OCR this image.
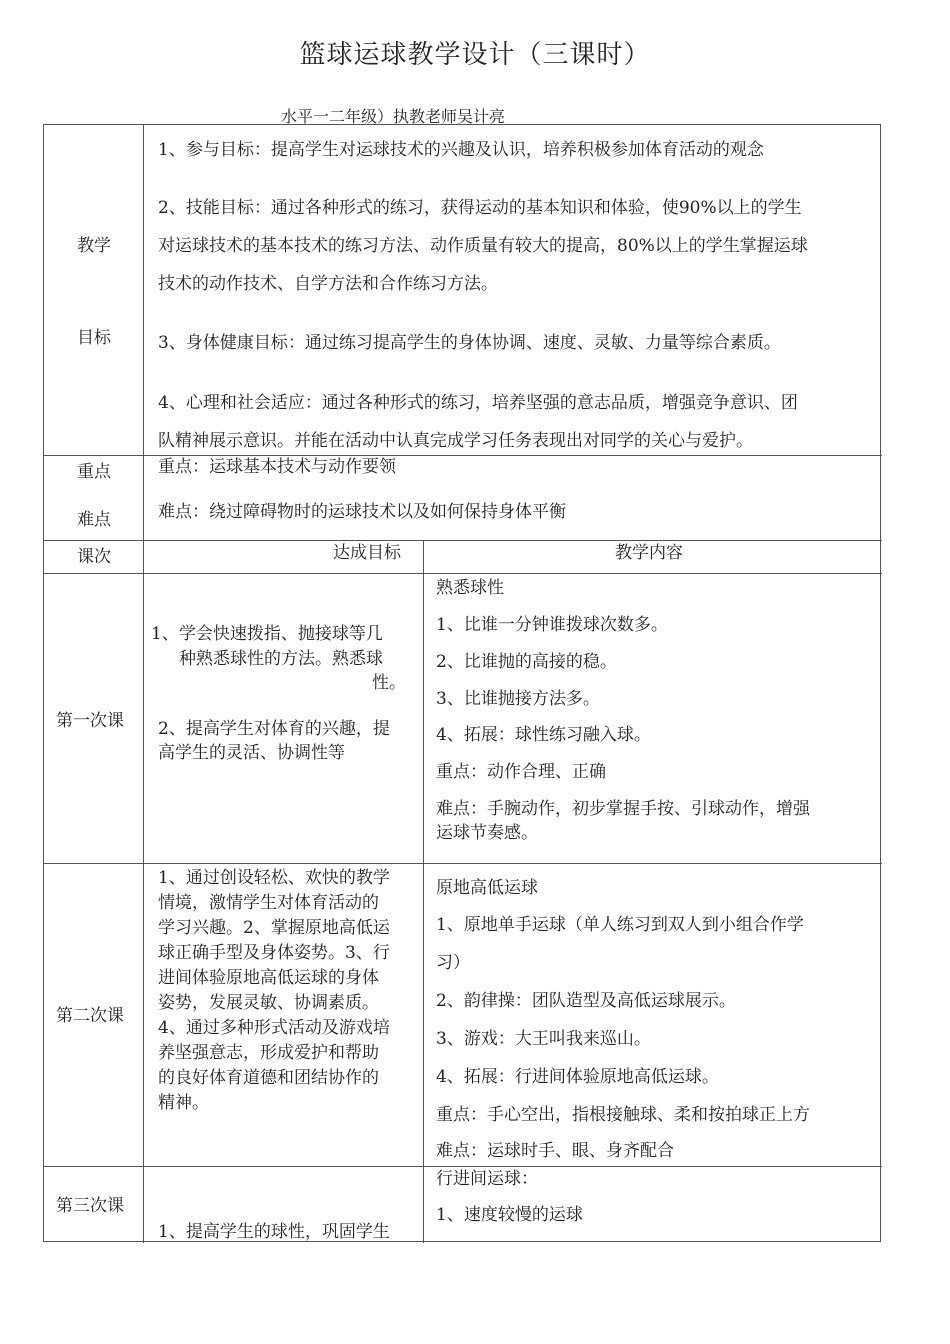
篮球运球教学设计（三课时）
水平一二年级）执教老师吴计亮
教学
目标
1、参与目标：提高学生对运球技术的兴趣及认识，培养积极参加体育活动的观念
2、技能目标：通过各种形式的练习，获得运动的基本知识和体验，使90%以上的学生
对运球技术的基本技术的练习方法、动作质量有较大的提高，80%以上的学生掌握运球
技术的动作技术、自学方法和合作练习方法。
3、身体健康目标：通过练习提高学生的身体协调、速度、灵敏、力量等综合素质。
4、心理和社会适应：通过各种形式的练习，培养坚强的意志品质，增强竞争意识、团
队精神展示意识。并能在活动中认真完成学习任务表现出对同学的关心与爱护。
重点
难点
重点：运球基本技术与动作要领
难点：绕过障碍物时的运球技术以及如何保持身体平衡
课次	达成目标	教学内容
第一次课
1、学会快速拨指、抛接球等几
种熟悉球性的方法。熟悉球
性。
2、提高学生对体育的兴趣，提
高学生的灵活、协调性等
熟悉球性
1、比谁一分钟谁拨球次数多。
2、比谁抛的高接的稳。
3、比谁抛接方法多。
4、拓展：球性练习融入球。
重点：动作合理、正确
难点：手腕动作，初步掌握手按、引球动作，增强
运球节奏感。
第二次课
1、通过创设轻松、欢快的教学
情境，激情学生对体育活动的
学习兴趣。2、掌握原地高低运
球正确手型及身体姿势。3、行
进间体验原地高低运球的身体
姿势，发展灵敏、协调素质。
4、通过多种形式活动及游戏培
养坚强意志，形成爱护和帮助
的良好体育道德和团结协作的
精神。
原地高低运球
1、原地单手运球（单人练习到双人到小组合作学
习）
2、韵律操：团队造型及高低运球展示。
3、游戏：大王叫我来巡山。
4、拓展：行进间体验原地高低运球。
重点：手心空出，指根接触球、柔和按拍球正上方
难点：运球时手、眼、身齐配合
第三次课
1、提高学生的球性，巩固学生
行进间运球：
1、速度较慢的运球
